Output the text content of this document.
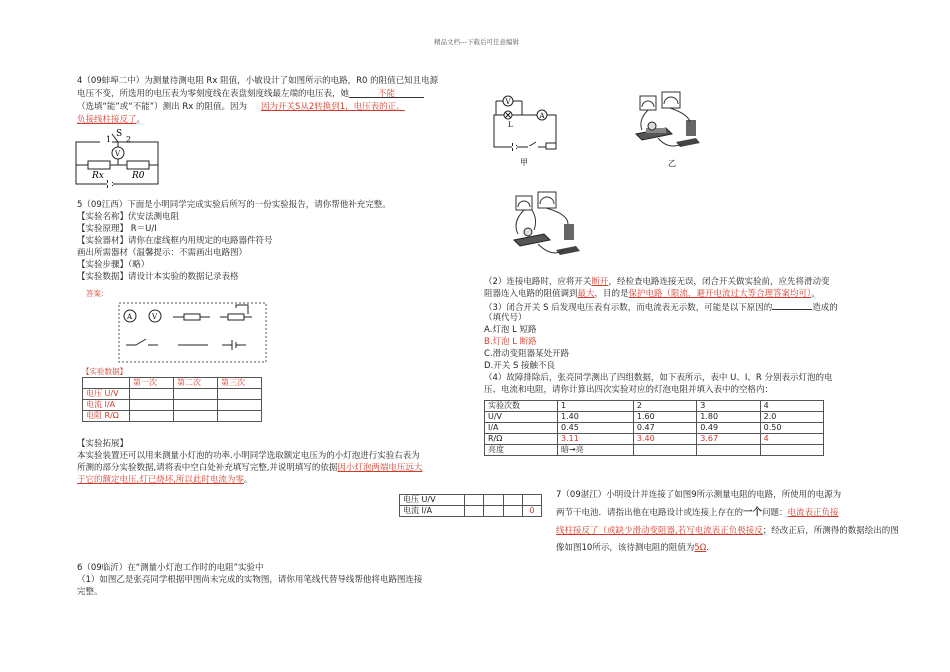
精品文档---下载后可任意编辑
4（09蚌埠二中）为测量待测电阻 Rx 阻值，小敏设计了如图所示的电路，R0 的阻值已知且电源
电压不变，所选用的电压表为零刻度线在表盘刻度线最左端的电压表，她	不能
（选填“能”或“不能”）测出 Rx 的阻值。因为 因为开关S从2转换到1，电压表的正、
负接线柱接反了。
S
1 2
V
Rx	R0
5（09江西）下面是小明同学完成实验后所写的一份实验报告，请你帮他补充完整。
【实验名称】伏安法测电阻
【实验原理】 R＝U/I
【实验器材】请你在虚线框内用规定的电路器件符号
画出所需器材（温馨提示：不需画出电路图）
【实验步骤】（略）
【实验数据】请设计本实验的数据记录表格
答案：
A	V
【实验数据】
	第一次	第二次	第三次
电压 U/V			
电流 I/A			
电阻 R/Ω			
【实验拓展】
本实验装置还可以用来测量小灯泡的功率.小明同学选取额定电压为的小灯泡进行实验右表为
所测的部分实验数据,请将表中空白处补充填写完整,并说明填写的依据因小灯泡两端电压远大
于它的额定电压,灯已烧坏,所以此时电流为零。
电压 U/V				
电流 I/A				0
6（09临沂）在“测量小灯泡工作时的电阻”实验中
（1）如图乙是张亮同学根据甲图尚未完成的实物图，请你用笔线代替导线帮他将电路图连接
完整。
V
L
A
甲	乙
（2）连接电路时，应将开关断开，经检查电路连接无误，闭合开关做实验前，应先将滑动变
阻器连入电路的阻值调到最大，目的是保护电路（限流，避开电流过大等合理答案均可）。
（3）闭合开关 S 后发现电压表有示数，而电流表无示数，可能是以下原因的	造成的
（填代号）
A.灯泡 L 短路
B.灯泡 L 断路
C.滑动变阻器某处开路
D.开关 S 接触不良
（4）故障排除后，张亮同学测出了四组数据，如下表所示，表中 U、I、R 分别表示灯泡的电
压、电流和电阻，请你计算出四次实验对应的灯泡电阻并填入表中的空格内：
实验次数	1	2	3	4
U/V	1.40	1.60	1.80	2.0
I/A	0.45	0.47	0.49	0.50
R/Ω	3.11	3.40	3.67	4
亮度	暗→亮			
7（09湛江）小明设计并连接了如图9所示测量电阻的电路，所使用的电源为
两节干电池．请指出他在电路设计或连接上存在的一个问题：电流表正负接
线柱接反了（或缺少滑动变阻器,若写电流表正负极接反；经改正后，所测得的数据绘出的图
像如图10所示，该待测电阻的阻值为5Ω.
